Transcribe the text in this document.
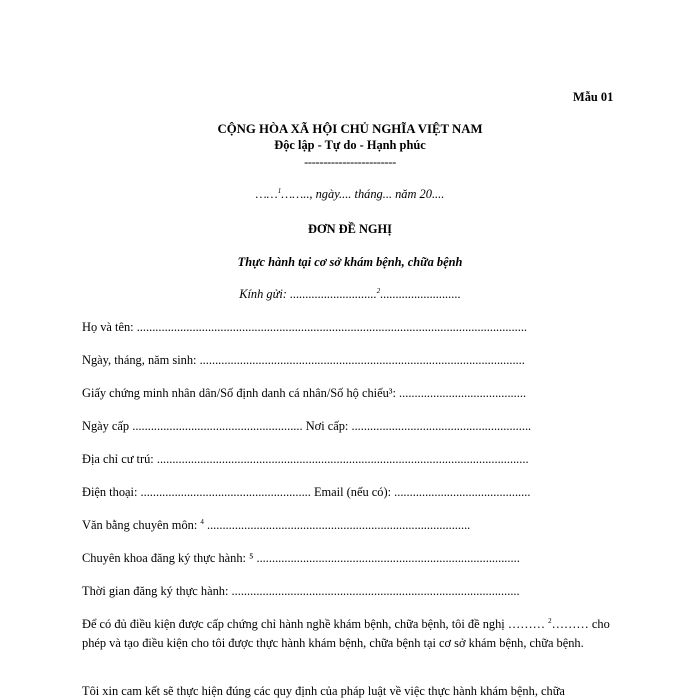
Mẫu 01
CỘNG HÒA XÃ HỘI CHỦ NGHĨA VIỆT NAM
Độc lập - Tự do - Hạnh phúc
------------------------
……$^1$…….., ngày.... tháng... năm 20....
ĐƠN ĐỀ NGHỊ
Thực hành tại cơ sở khám bệnh, chữa bệnh
Kính gửi: ............................$^2$..........................
Họ và tên: ..............................................................................................................................
Ngày, tháng, năm sinh: .........................................................................................................
Giấy chứng minh nhân dân/Số định danh cá nhân/Số hộ chiếu³: .........................................
Ngày cấp ....................................................... Nơi cấp: ..........................................................
Địa chỉ cư trú: ........................................................................................................................
Điện thoại: ....................................................... Email (nếu có): ............................................
Văn bằng chuyên môn: $^4$ .....................................................................................
Chuyên khoa đăng ký thực hành: ⁵ .....................................................................................
Thời gian đăng ký thực hành: .............................................................................................
Để có đủ điều kiện được cấp chứng chỉ hành nghề khám bệnh, chữa bệnh, tôi đề nghị ……… $^2$……… cho phép và tạo điều kiện cho tôi được thực hành khám bệnh, chữa bệnh tại cơ sở khám bệnh, chữa bệnh.
Tôi xin cam kết sẽ thực hiện đúng các quy định của pháp luật về việc thực hành khám bệnh, chữa
